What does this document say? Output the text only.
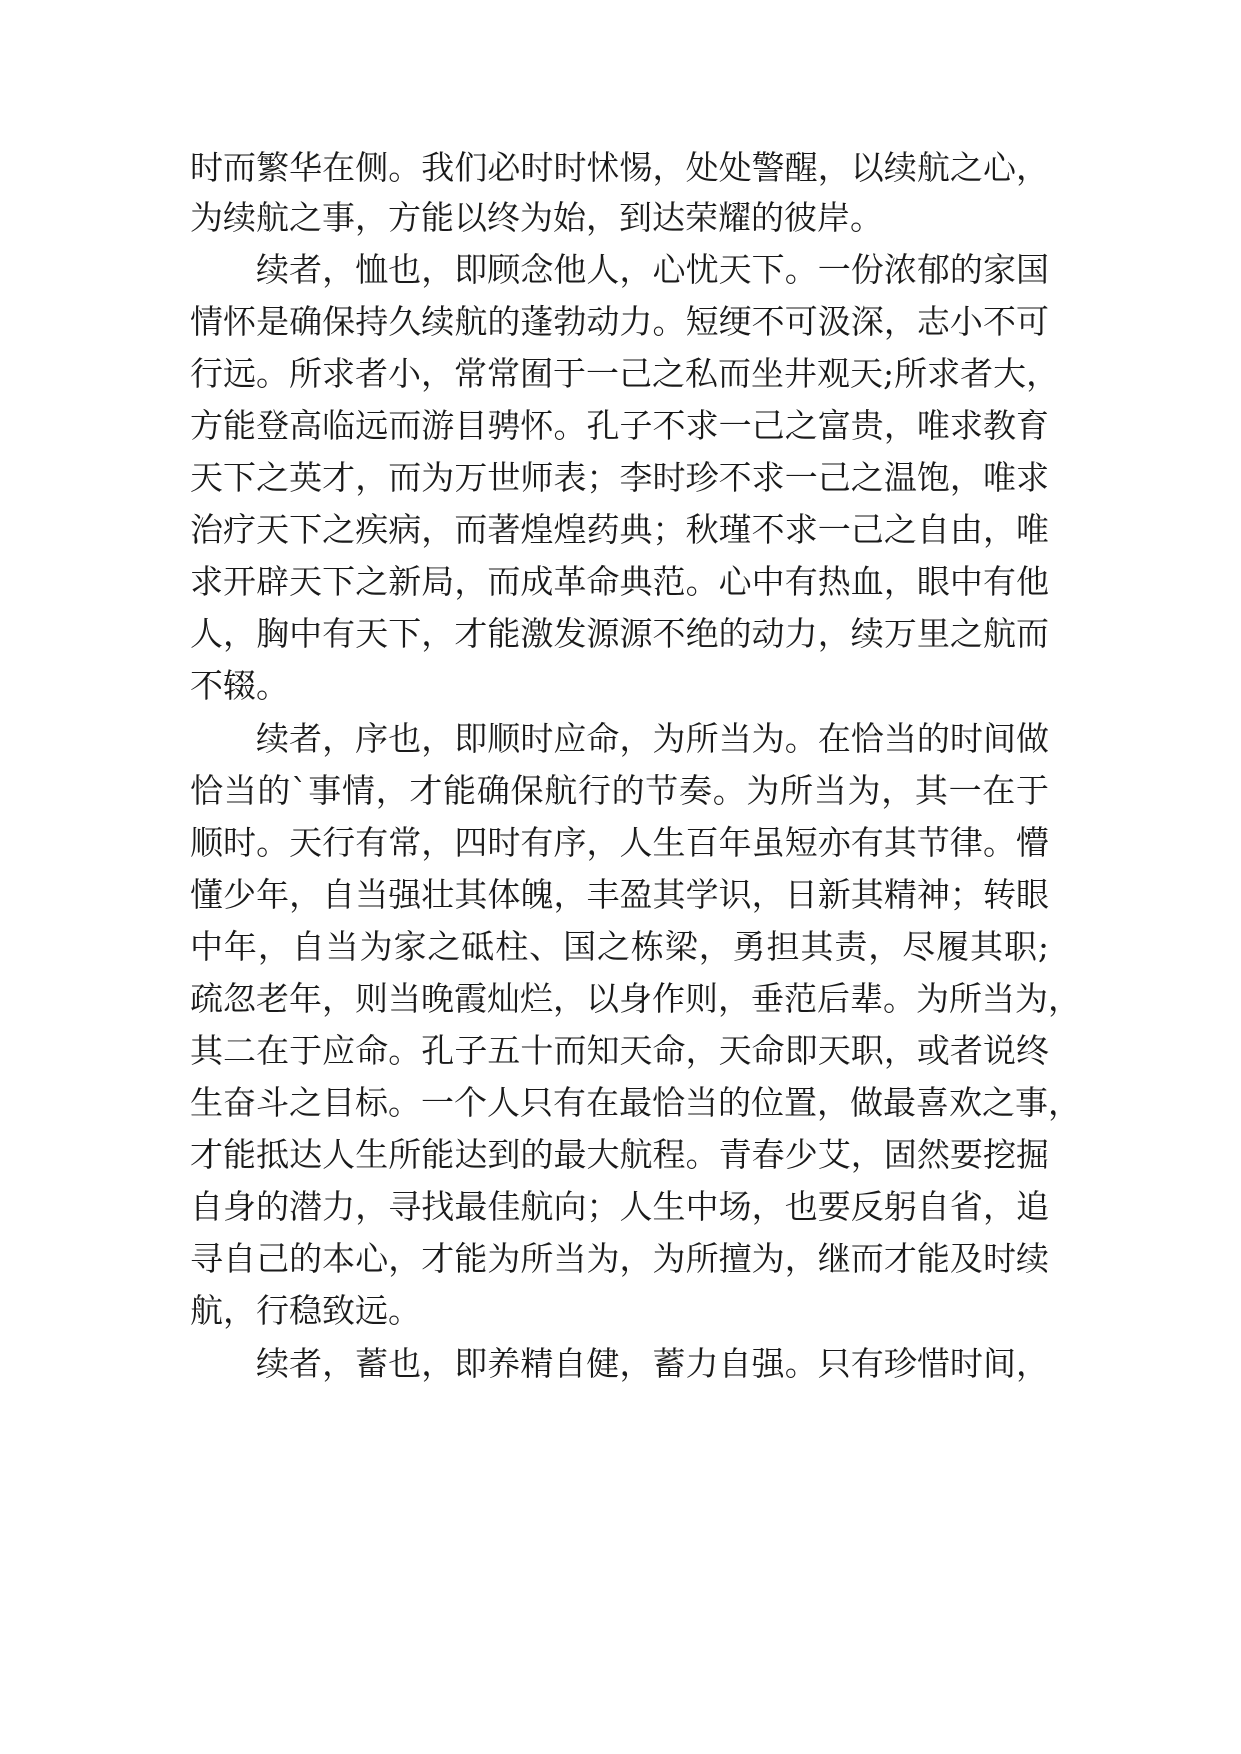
时而繁华在侧。我们必时时怵惕，处处警醒，以续航之心，
为续航之事，方能以终为始，到达荣耀的彼岸。
续者，恤也，即顾念他人，心忧天下。一份浓郁的家国
情怀是确保持久续航的蓬勃动力。短绠不可汲深，志小不可
行远。所求者小，常常囿于一己之私而坐井观天;所求者大，
方能登高临远而游目骋怀。孔子不求一己之富贵，唯求教育
天下之英才，而为万世师表；李时珍不求一己之温饱，唯求
治疗天下之疾病，而著煌煌药典；秋瑾不求一己之自由，唯
求开辟天下之新局，而成革命典范。心中有热血，眼中有他
人，胸中有天下，才能激发源源不绝的动力，续万里之航而
不辍。
续者，序也，即顺时应命，为所当为。在恰当的时间做
恰当的`事情，才能确保航行的节奏。为所当为，其一在于
顺时。天行有常，四时有序，人生百年虽短亦有其节律。懵
懂少年，自当强壮其体魄，丰盈其学识，日新其精神；转眼
中年，自当为家之砥柱、国之栋梁，勇担其责，尽履其职;
疏忽老年，则当晚霞灿烂，以身作则，垂范后辈。为所当为，
其二在于应命。孔子五十而知天命，天命即天职，或者说终
生奋斗之目标。一个人只有在最恰当的位置，做最喜欢之事，
才能抵达人生所能达到的最大航程。青春少艾，固然要挖掘
自身的潜力，寻找最佳航向；人生中场，也要反躬自省，追
寻自己的本心，才能为所当为，为所擅为，继而才能及时续
航，行稳致远。
续者，蓄也，即养精自健，蓄力自强。只有珍惜时间，
